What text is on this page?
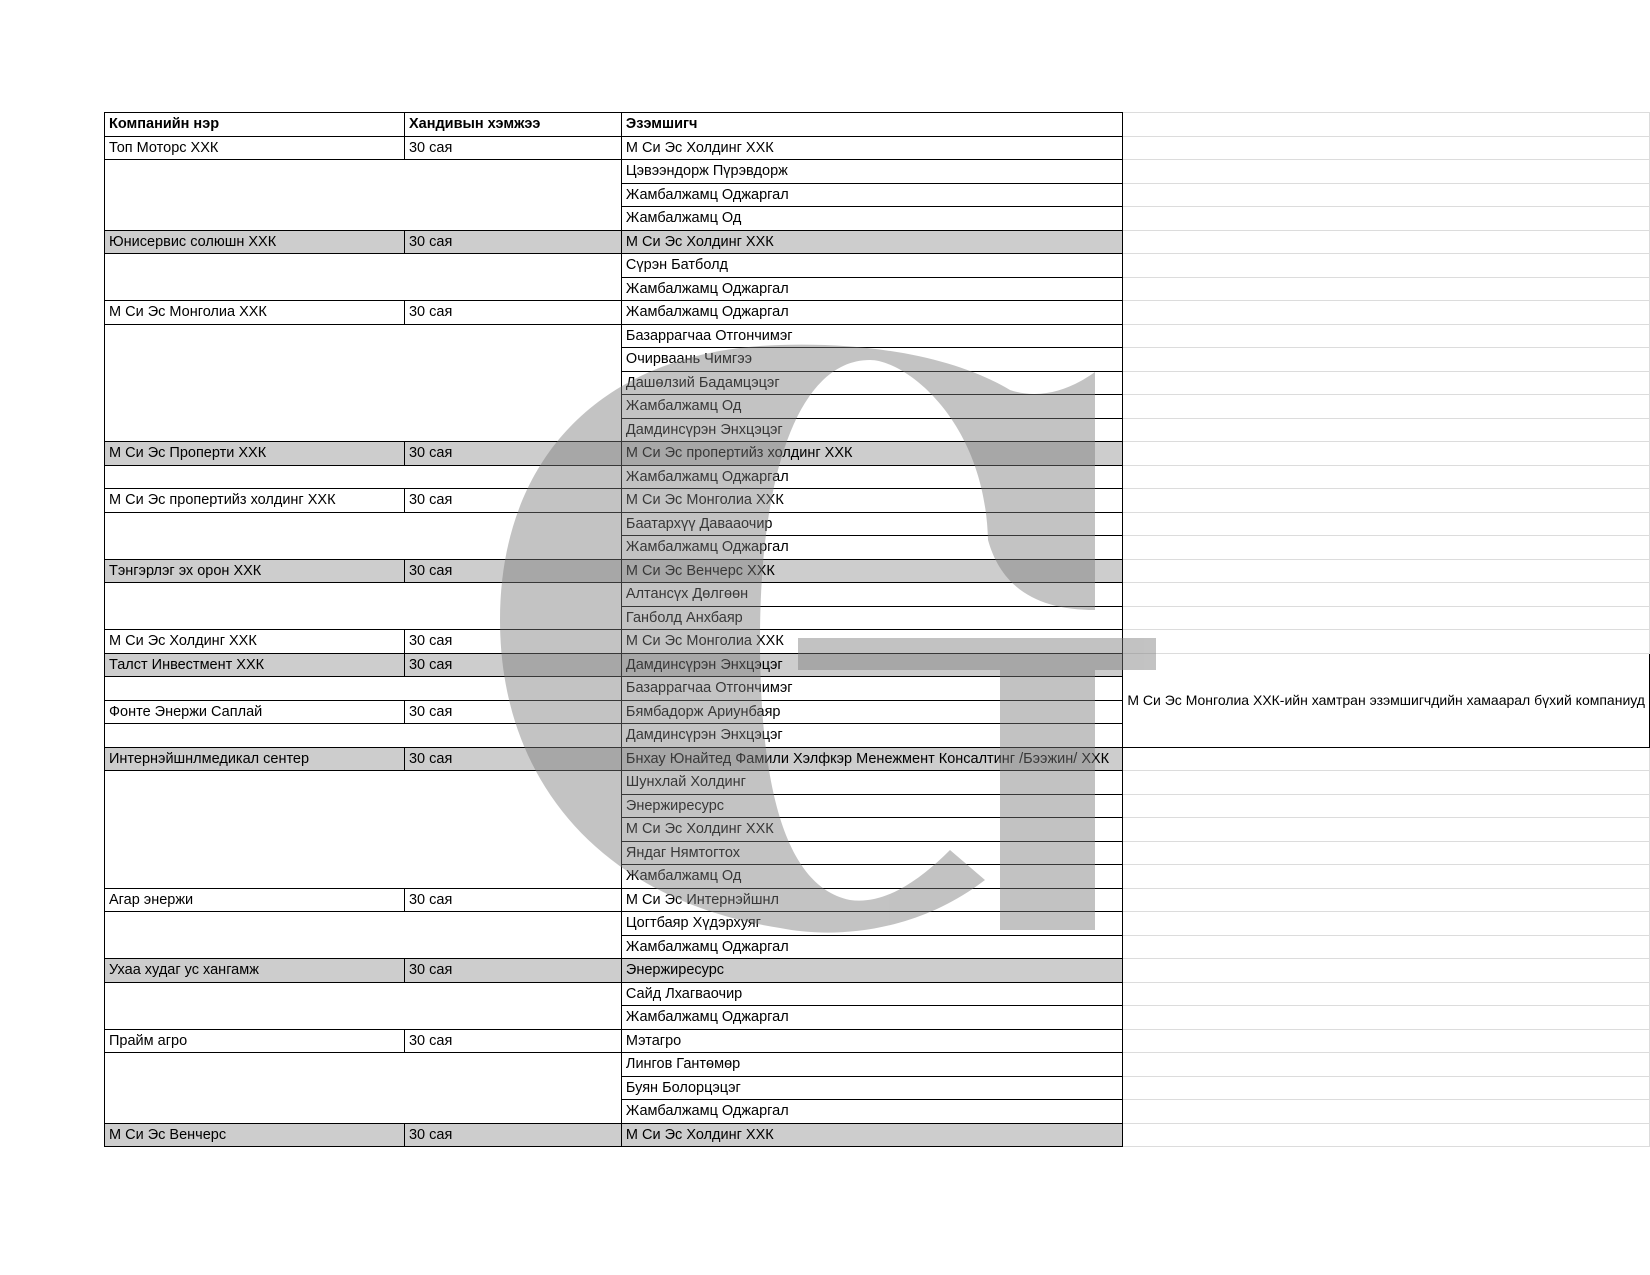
Компанийн нэр	Хандивын хэмжээ	Эзэмшигч	
Топ Моторс ХХК	30 сая	М Си Эс Холдинг ХХК	
		Цэвээндорж Пүрэвдорж	
		Жамбалжамц Оджаргал	
		Жамбалжамц Од	
Юнисервис солюшн ХХК	30 сая	М Си Эс Холдинг ХХК	
		Сүрэн Батболд	
		Жамбалжамц Оджаргал	
М Си Эс Монголиа ХХК	30 сая	Жамбалжамц Оджаргал	
		Базаррагчаа Отгончимэг	
		Очирваань Чимгээ	
		Дашөлзий Бадамцэцэг	
		Жамбалжамц Од	
		Дамдинсүрэн Энхцэцэг	
М Си Эс Проперти ХХК	30 сая	М Си Эс пропертийз холдинг ХХК	
		Жамбалжамц Оджаргал	
М Си Эс пропертийз холдинг ХХК	30 сая	М Си Эс Монголиа ХХК	
		Баатархүү Давааочир	
		Жамбалжамц Оджаргал	
Тэнгэрлэг эх орон ХХК	30 сая	М Си Эс Венчерс ХХК	
		Алтансүх Дөлгөөн	
		Ганболд Анхбаяр	
М Си Эс Холдинг ХХК	30 сая	М Си Эс Монголиа ХХК	
Талст Инвестмент ХХК	30 сая	Дамдинсүрэн Энхцэцэг	М Си Эс Монголиа ХХК-ийн хамтран эзэмшигчдийн хамаарал бүхий компаниуд
		Базаррагчаа Отгончимэг	
Фонте Энержи Саплай	30 сая	Бямбадорж Ариунбаяр	
		Дамдинсүрэн Энхцэцэг	
Интернэйшнлмедикал сентер	30 сая	Бнхау Юнайтед Фамили Хэлфкэр Менежмент Консалтинг /Бээжин/ ХХК	
		Шунхлай Холдинг	
		Энержиресурс	
		М Си Эс Холдинг ХХК	
		Яндаг Нямтогтох	
		Жамбалжамц Од	
Агар энержи	30 сая	М Си Эс Интернэйшнл	
		Цогтбаяр Хүдэрхуяг	
		Жамбалжамц Оджаргал	
Ухаа худаг ус хангамж	30 сая	Энержиресурс	
		Сайд Лхагваочир	
		Жамбалжамц Оджаргал	
Прайм агро	30 сая	Мэтагро	
		Лингов Гантөмөр	
		Буян Болорцэцэг	
		Жамбалжамц Оджаргал	
М Си Эс Венчерс	30 сая	М Си Эс Холдинг ХХК	
